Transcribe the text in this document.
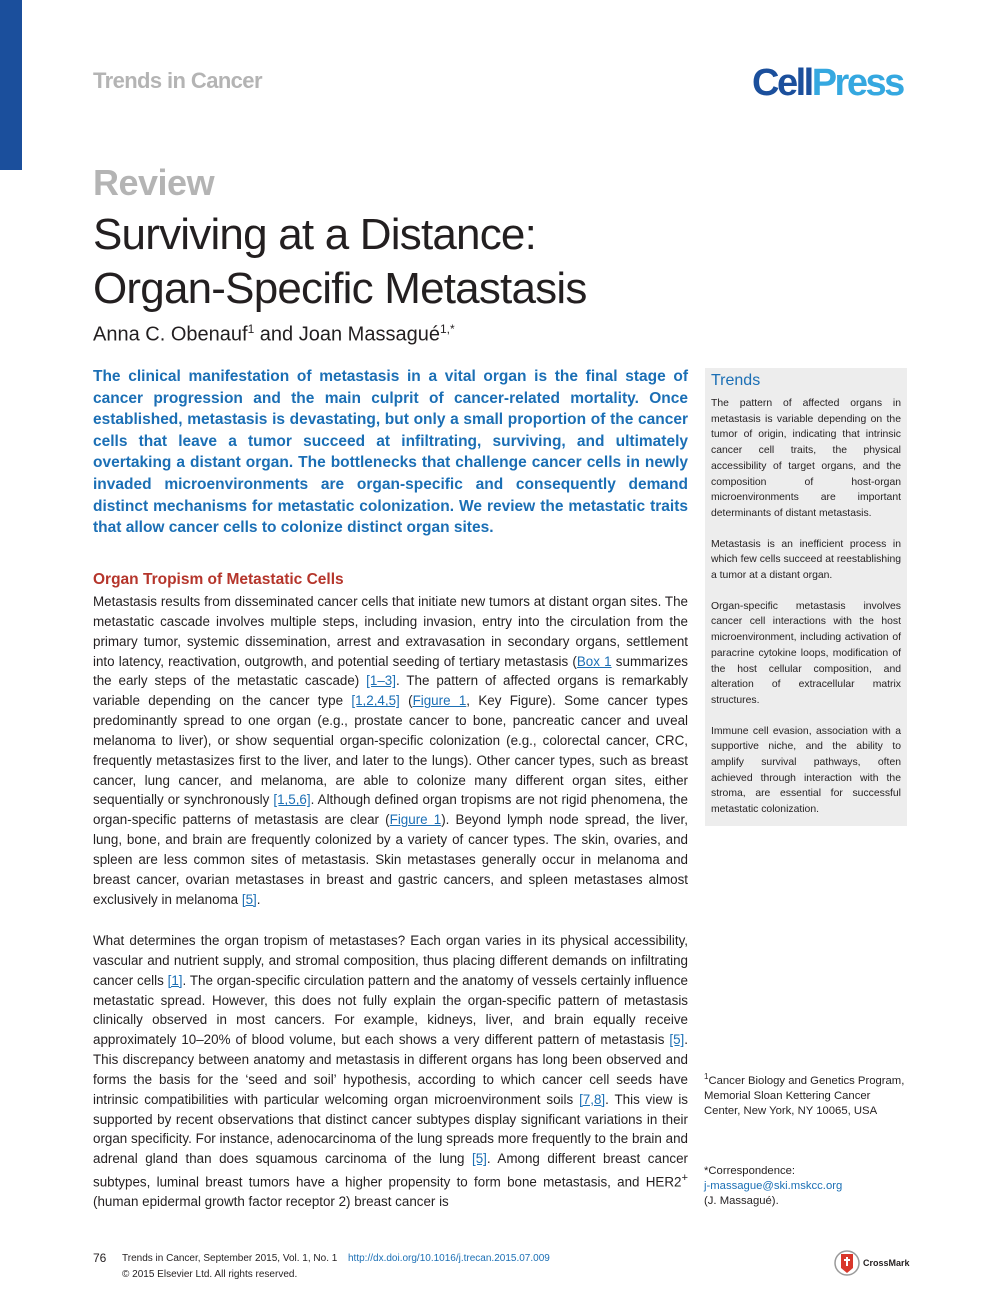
Trends in Cancer	CellPress
Review
Surviving at a Distance:
Organ-Specific Metastasis
Anna C. Obenauf$^1$ and Joan Massagué$^{1,*}$

The clinical manifestation of metastasis in a vital organ is the final stage of cancer progression and the main culprit of cancer-related mortality. Once established, metastasis is devastating, but only a small proportion of the cancer cells that leave a tumor succeed at infiltrating, surviving, and ultimately overtaking a distant organ. The bottlenecks that challenge cancer cells in newly invaded microenvironments are organ-specific and consequently demand distinct mechanisms for metastatic colonization. We review the metastatic traits that allow cancer cells to colonize distinct organ sites.

Organ Tropism of Metastatic Cells

Metastasis results from disseminated cancer cells that initiate new tumors at distant organ sites. The metastatic cascade involves multiple steps, including invasion, entry into the circulation from the primary tumor, systemic dissemination, arrest and extravasation in secondary organs, settlement into latency, reactivation, outgrowth, and potential seeding of tertiary metastasis (Box 1 summarizes the early steps of the metastatic cascade) [1–3]. The pattern of affected organs is remarkably variable depending on the cancer type [1,2,4,5] (Figure 1, Key Figure). Some cancer types predominantly spread to one organ (e.g., prostate cancer to bone, pancreatic cancer and uveal melanoma to liver), or show sequential organ-specific colonization (e.g., colorectal cancer, CRC, frequently metastasizes first to the liver, and later to the lungs). Other cancer types, such as breast cancer, lung cancer, and melanoma, are able to colonize many different organ sites, either sequentially or synchronously [1,5,6]. Although defined organ tropisms are not rigid phenomena, the organ-specific patterns of metastasis are clear (Figure 1). Beyond lymph node spread, the liver, lung, bone, and brain are frequently colonized by a variety of cancer types. The skin, ovaries, and spleen are less common sites of metastasis. Skin metastases generally occur in melanoma and breast cancer, ovarian metastases in breast and gastric cancers, and spleen metastases almost exclusively in melanoma [5].

What determines the organ tropism of metastases? Each organ varies in its physical accessibility, vascular and nutrient supply, and stromal composition, thus placing different demands on infiltrating cancer cells [1]. The organ-specific circulation pattern and the anatomy of vessels certainly influence metastatic spread. However, this does not fully explain the organ-specific pattern of metastasis clinically observed in most cancers. For example, kidneys, liver, and brain equally receive approximately 10–20% of blood volume, but each shows a very different pattern of metastasis [5]. This discrepancy between anatomy and metastasis in different organs has long been observed and forms the basis for the ‘seed and soil’ hypothesis, according to which cancer cell seeds have intrinsic compatibilities with particular welcoming organ microenvironment soils [7,8]. This view is supported by recent observations that distinct cancer subtypes display significant variations in their organ specificity. For instance, adenocarcinoma of the lung spreads more frequently to the brain and adrenal gland than does squamous carcinoma of the lung [5]. Among different breast cancer subtypes, luminal breast tumors have a higher propensity to form bone metastasis, and HER2+ (human epidermal growth factor receptor 2) breast cancer is

Trends

The pattern of affected organs in metastasis is variable depending on the tumor of origin, indicating that intrinsic cancer cell traits, the physical accessibility of target organs, and the composition of host-organ microenvironments are important determinants of distant metastasis.

Metastasis is an inefficient process in which few cells succeed at reestablishing a tumor at a distant organ.

Organ-specific metastasis involves cancer cell interactions with the host microenvironment, including activation of paracrine cytokine loops, modification of the host cellular composition, and alteration of extracellular matrix structures.

Immune cell evasion, association with a supportive niche, and the ability to amplify survival pathways, often achieved through interaction with the stroma, are essential for successful metastatic colonization.

$^1$Cancer Biology and Genetics Program, Memorial Sloan Kettering Cancer Center, New York, NY 10065, USA

*Correspondence:
j-massague@ski.mskcc.org
(J. Massagué).

76 Trends in Cancer, September 2015, Vol. 1, No. 1 http://dx.doi.org/10.1016/j.trecan.2015.07.009
© 2015 Elsevier Ltd. All rights reserved.
CrossMark
